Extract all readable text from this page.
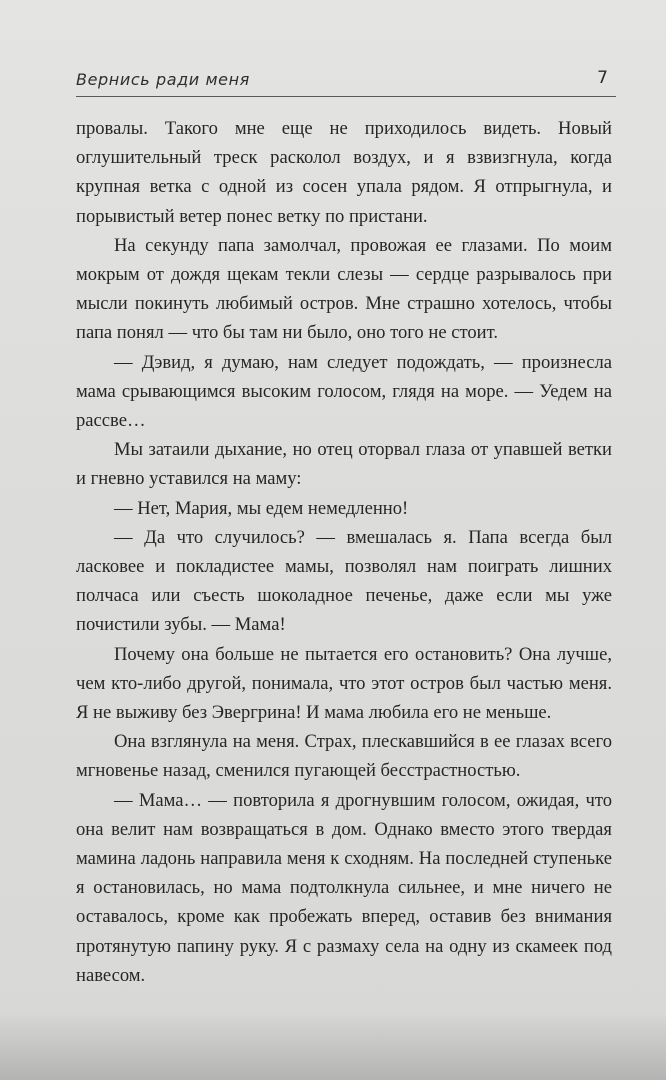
Вернись ради меня	7

провалы. Такого мне еще не приходилось видеть. Новый оглушительный треск расколол воздух, и я взвизгнула, когда крупная ветка с одной из сосен упала рядом. Я отпрыгнула, и порывистый ветер понес ветку по пристани.

На секунду папа замолчал, провожая ее глазами. По моим мокрым от дождя щекам текли слезы — сердце разрывалось при мысли покинуть любимый остров. Мне страшно хотелось, чтобы папа понял — что бы там ни было, оно того не стоит.

— Дэвид, я думаю, нам следует подождать, — произнесла мама срывающимся высоким голосом, глядя на море. — Уедем на рассве…

Мы затаили дыхание, но отец оторвал глаза от упавшей ветки и гневно уставился на маму:

— Нет, Мария, мы едем немедленно!

— Да что случилось? — вмешалась я. Папа всегда был ласковее и покладистее мамы, позволял нам поиграть лишних полчаса или съесть шоколадное печенье, даже если мы уже почистили зубы. — Мама!

Почему она больше не пытается его остановить? Она лучше, чем кто-либо другой, понимала, что этот остров был частью меня. Я не выживу без Эвергрина! И мама любила его не меньше.

Она взглянула на меня. Страх, плескавшийся в ее глазах всего мгновенье назад, сменился пугающей бесстрастностью.

— Мама… — повторила я дрогнувшим голосом, ожидая, что она велит нам возвращаться в дом. Однако вместо этого твердая мамина ладонь направила меня к сходням. На последней ступеньке я остановилась, но мама подтолкнула сильнее, и мне ничего не оставалось, кроме как пробежать вперед, оставив без внимания протянутую папину руку. Я с размаху села на одну из скамеек под навесом.
